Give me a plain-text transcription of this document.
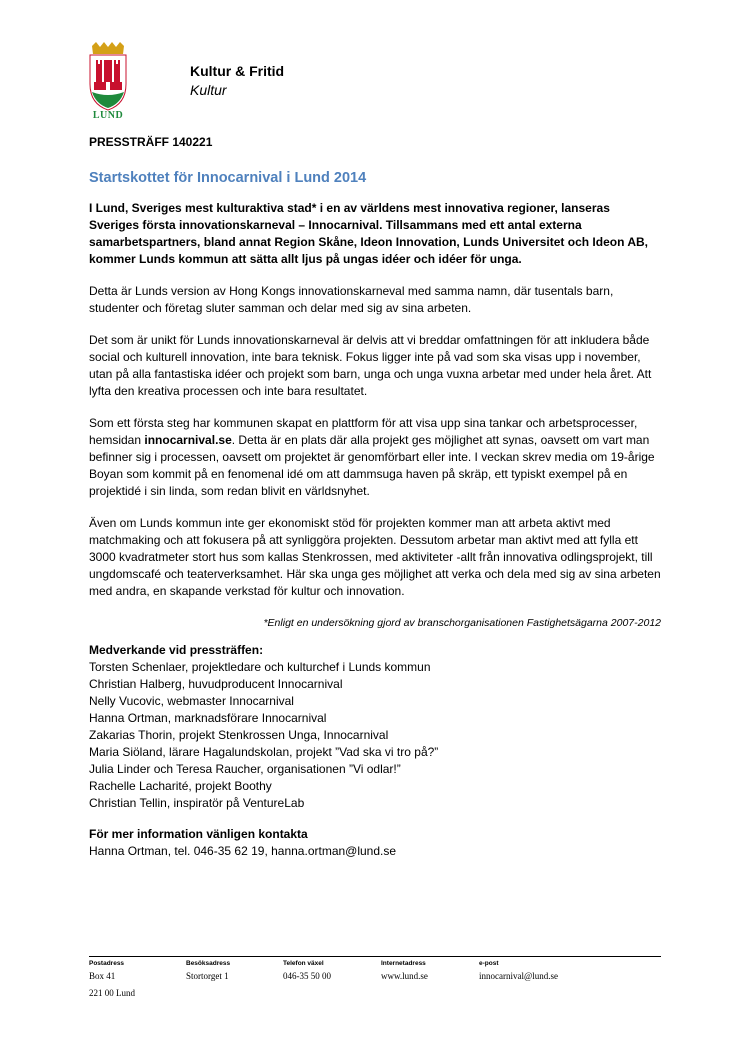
LUND
Kultur & Fritid
Kultur
PRESSTRÄFF 140221
Startskottet för Innocarnival i Lund 2014

I Lund, Sveriges mest kulturaktiva stad* i en av världens mest innovativa regioner, lanseras Sveriges första innovationskarneval – Innocarnival. Tillsammans med ett antal externa samarbetspartners, bland annat Region Skåne, Ideon Innovation, Lunds Universitet och Ideon AB, kommer Lunds kommun att sätta allt ljus på ungas idéer och idéer för unga.

Detta är Lunds version av Hong Kongs innovationskarneval med samma namn, där tusentals barn, studenter och företag sluter samman och delar med sig av sina arbeten.

Det som är unikt för Lunds innovationskarneval är delvis att vi breddar omfattningen för att inkludera både social och kulturell innovation, inte bara teknisk. Fokus ligger inte på vad som ska visas upp i november, utan på alla fantastiska idéer och projekt som barn, unga och unga vuxna arbetar med under hela året. Att lyfta den kreativa processen och inte bara resultatet.

Som ett första steg har kommunen skapat en plattform för att visa upp sina tankar och arbetsprocesser, hemsidan innocarnival.se. Detta är en plats där alla projekt ges möjlighet att synas, oavsett om vart man befinner sig i processen, oavsett om projektet är genomförbart eller inte. I veckan skrev media om 19-årige Boyan som kommit på en fenomenal idé om att dammsuga haven på skräp, ett typiskt exempel på en projektidé i sin linda, som redan blivit en världsnyhet.

Även om Lunds kommun inte ger ekonomiskt stöd för projekten kommer man att arbeta aktivt med matchmaking och att fokusera på att synliggöra projekten. Dessutom arbetar man aktivt med att fylla ett 3000 kvadratmeter stort hus som kallas Stenkrossen, med aktiviteter -allt från innovativa odlingsprojekt, till ungdomscafé och teaterverksamhet. Här ska unga ges möjlighet att verka och dela med sig av sina arbeten med andra, en skapande verkstad för kultur och innovation.

*Enligt en undersökning gjord av branschorganisationen Fastighetsägarna 2007-2012

Medverkande vid pressträffen:
Torsten Schenlaer, projektledare och kulturchef i Lunds kommun
Christian Halberg, huvudproducent Innocarnival
Nelly Vucovic, webmaster Innocarnival
Hanna Ortman, marknadsförare Innocarnival
Zakarias Thorin, projekt Stenkrossen Unga, Innocarnival
Maria Siöland, lärare Hagalundskolan, projekt ”Vad ska vi tro på?”
Julia Linder och Teresa Raucher, organisationen ”Vi odlar!”
Rachelle Lacharité, projekt Boothy
Christian Tellin, inspiratör på VentureLab
För mer information vänligen kontakta
Hanna Ortman, tel. 046-35 62 19, hanna.ortman@lund.se
Postadress
Box 41
221 00 Lund
Besöksadress
Stortorget 1
Telefon växel
046-35 50 00
Internetadress
www.lund.se
e-post
innocarnival@lund.se
